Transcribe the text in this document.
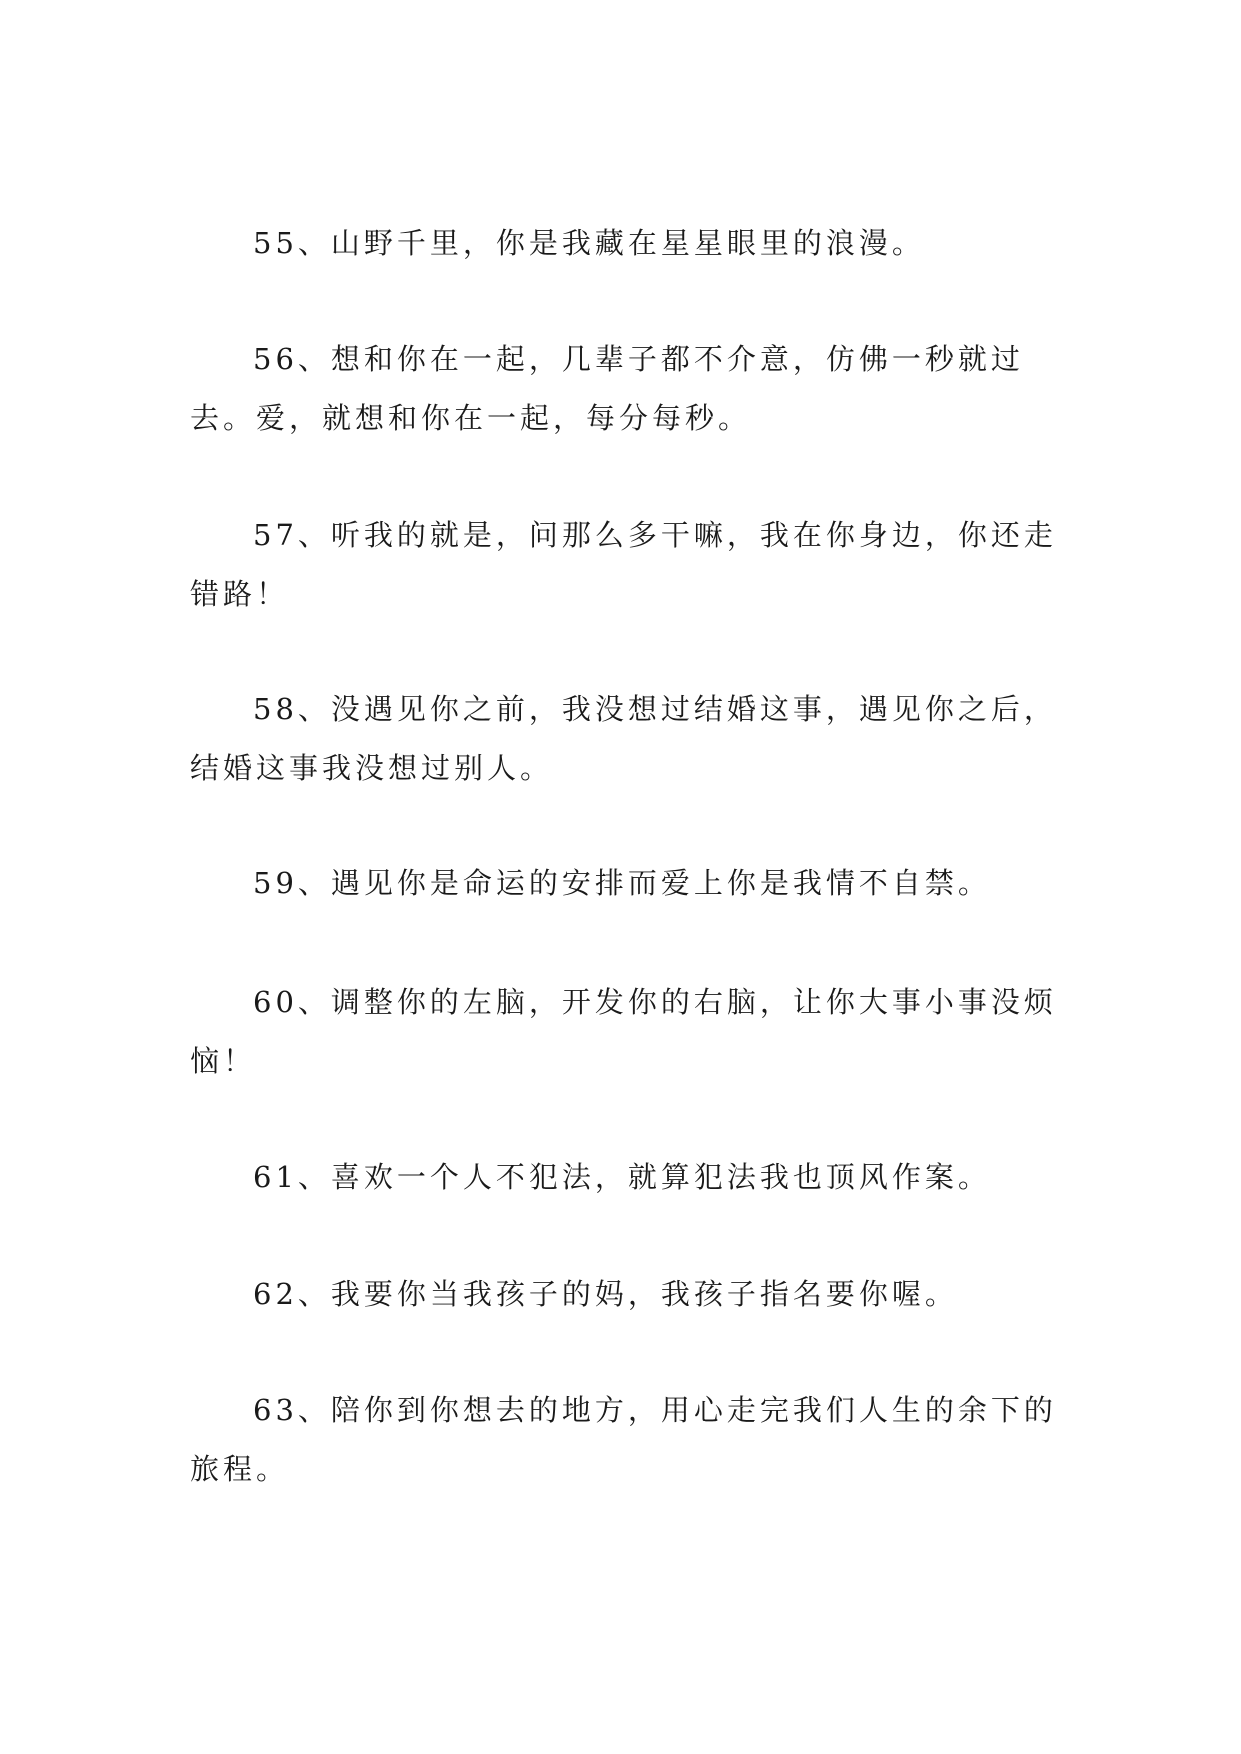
55、山野千里，你是我藏在星星眼里的浪漫。

56、想和你在一起，几辈子都不介意，仿佛一秒就过去。爱，就想和你在一起，每分每秒。

57、听我的就是，问那么多干嘛，我在你身边，你还走错路！

58、没遇见你之前，我没想过结婚这事，遇见你之后，结婚这事我没想过别人。

59、遇见你是命运的安排而爱上你是我情不自禁。

60、调整你的左脑，开发你的右脑，让你大事小事没烦恼！

61、喜欢一个人不犯法，就算犯法我也顶风作案。

62、我要你当我孩子的妈，我孩子指名要你喔。

63、陪你到你想去的地方，用心走完我们人生的余下的旅程。
